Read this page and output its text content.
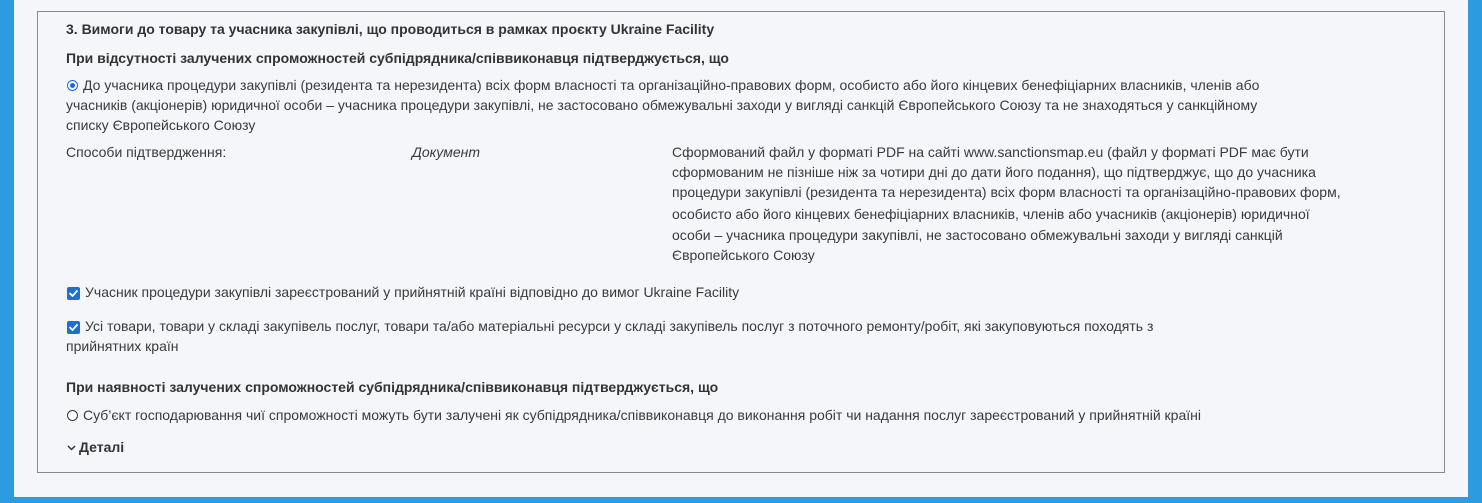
3. Вимоги до товару та учасника закупівлі, що проводиться в рамках проєкту Ukraine Facility
При відсутності залучених спроможностей субпідрядника/співвиконавця підтверджується, що
До учасника процедури закупівлі (резидента та нерезидента) всіх форм власності та організаційно-правових форм, особисто або його кінцевих бенефіціарних власників, членів або
учасників (акціонерів) юридичної особи – учасника процедури закупівлі, не застосовано обмежувальні заходи у вигляді санкцій Європейського Союзу та не знаходяться у санкційному
списку Європейського Союзу
Способи підтвердження:	Документ	Сформований файл у форматі PDF на сайті www.sanctionsmap.eu (файл у форматі PDF має бути
сформованим не пізніше ніж за чотири дні до дати його подання), що підтверджує, що до учасника
процедури закупівлі (резидента та нерезидента) всіх форм власності та організаційно-правових форм,
особисто або його кінцевих бенефіціарних власників, членів або учасників (акціонерів) юридичної
особи – учасника процедури закупівлі, не застосовано обмежувальні заходи у вигляді санкцій
Європейського Союзу
Учасник процедури закупівлі зареєстрований у прийнятній країні відповідно до вимог Ukraine Facility
Усі товари, товари у складі закупівель послуг, товари та/або матеріальні ресурси у складі закупівель послуг з поточного ремонту/робіт, які закуповуються походять з
прийнятних країн
При наявності залучених спроможностей субпідрядника/співвиконавця підтверджується, що
Суб’єкт господарювання чиї спроможності можуть бути залучені як субпідрядника/співвиконавця до виконання робіт чи надання послуг зареєстрований у прийнятній країні
Деталі
